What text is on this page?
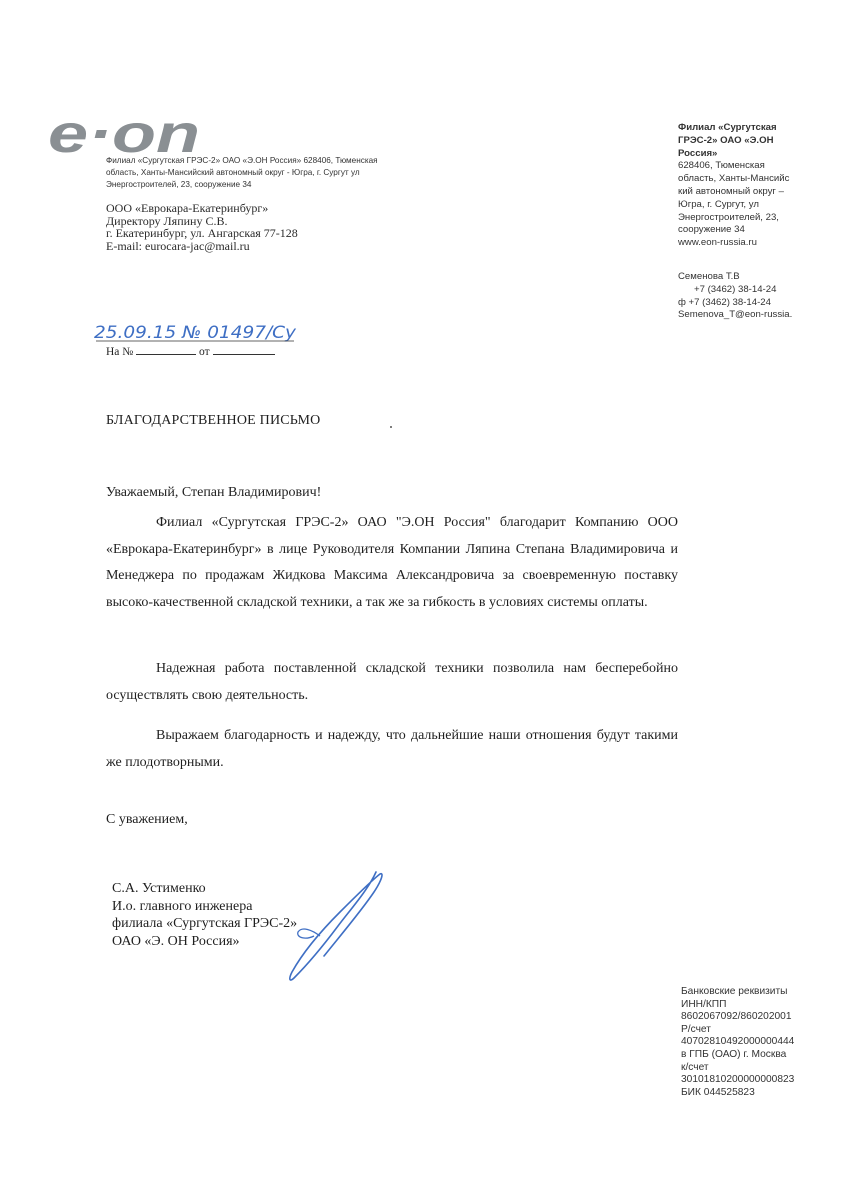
e·on
Филиал «Сургутская ГРЭС-2» ОАО «Э.ОН Россия» 628406, Тюменская область, Ханты-Мансийский автономный округ - Югра, г. Сургут ул Энергостроителей, 23, сооружение 34
ООО «Еврокара-Екатеринбург»
Директору Ляпину С.В.
г. Екатеринбург, ул. Ангарская 77-128
E-mail: eurocara-jac@mail.ru
25.09.15 № 01497/Су
На №	от
Филиал «Сургутская
ГРЭС-2» ОАО «Э.ОН
Россия»
628406, Тюменская
область, Ханты-Мансийс
кий автономный округ –
Югра, г. Сургут, ул
Энергостроителей, 23,
сооружение 34
www.eon-russia.ru
Семенова Т.В
+7 (3462) 38-14-24
ф +7 (3462) 38-14-24
Semenova_T@eon-russia.
БЛАГОДАРСТВЕННОЕ ПИСЬМО
Уважаемый, Степан Владимирович!
Филиал «Сургутская ГРЭС-2» ОАО "Э.ОН Россия" благодарит Компанию ООО «Еврокара-Екатеринбург» в лице Руководителя Компании Ляпина Степана Владимировича и Менеджера по продажам Жидкова Максима Александровича за своевременную поставку высоко-качественной складской техники, а так же за гибкость в условиях системы оплаты.
Надежная работа поставленной складской техники позволила нам бесперебойно осуществлять свою деятельность.
Выражаем благодарность и надежду, что дальнейшие наши отношения будут такими же плодотворными.
С уважением,
С.А. Устименко
И.о. главного инженера
филиала «Сургутская ГРЭС-2»
ОАО «Э. ОН Россия»
Банковские реквизиты
ИНН/КПП
8602067092/860202001
Р/счет
40702810492000000444
в ГПБ (ОАО) г. Москва
к/счет
30101810200000000823
БИК 044525823
